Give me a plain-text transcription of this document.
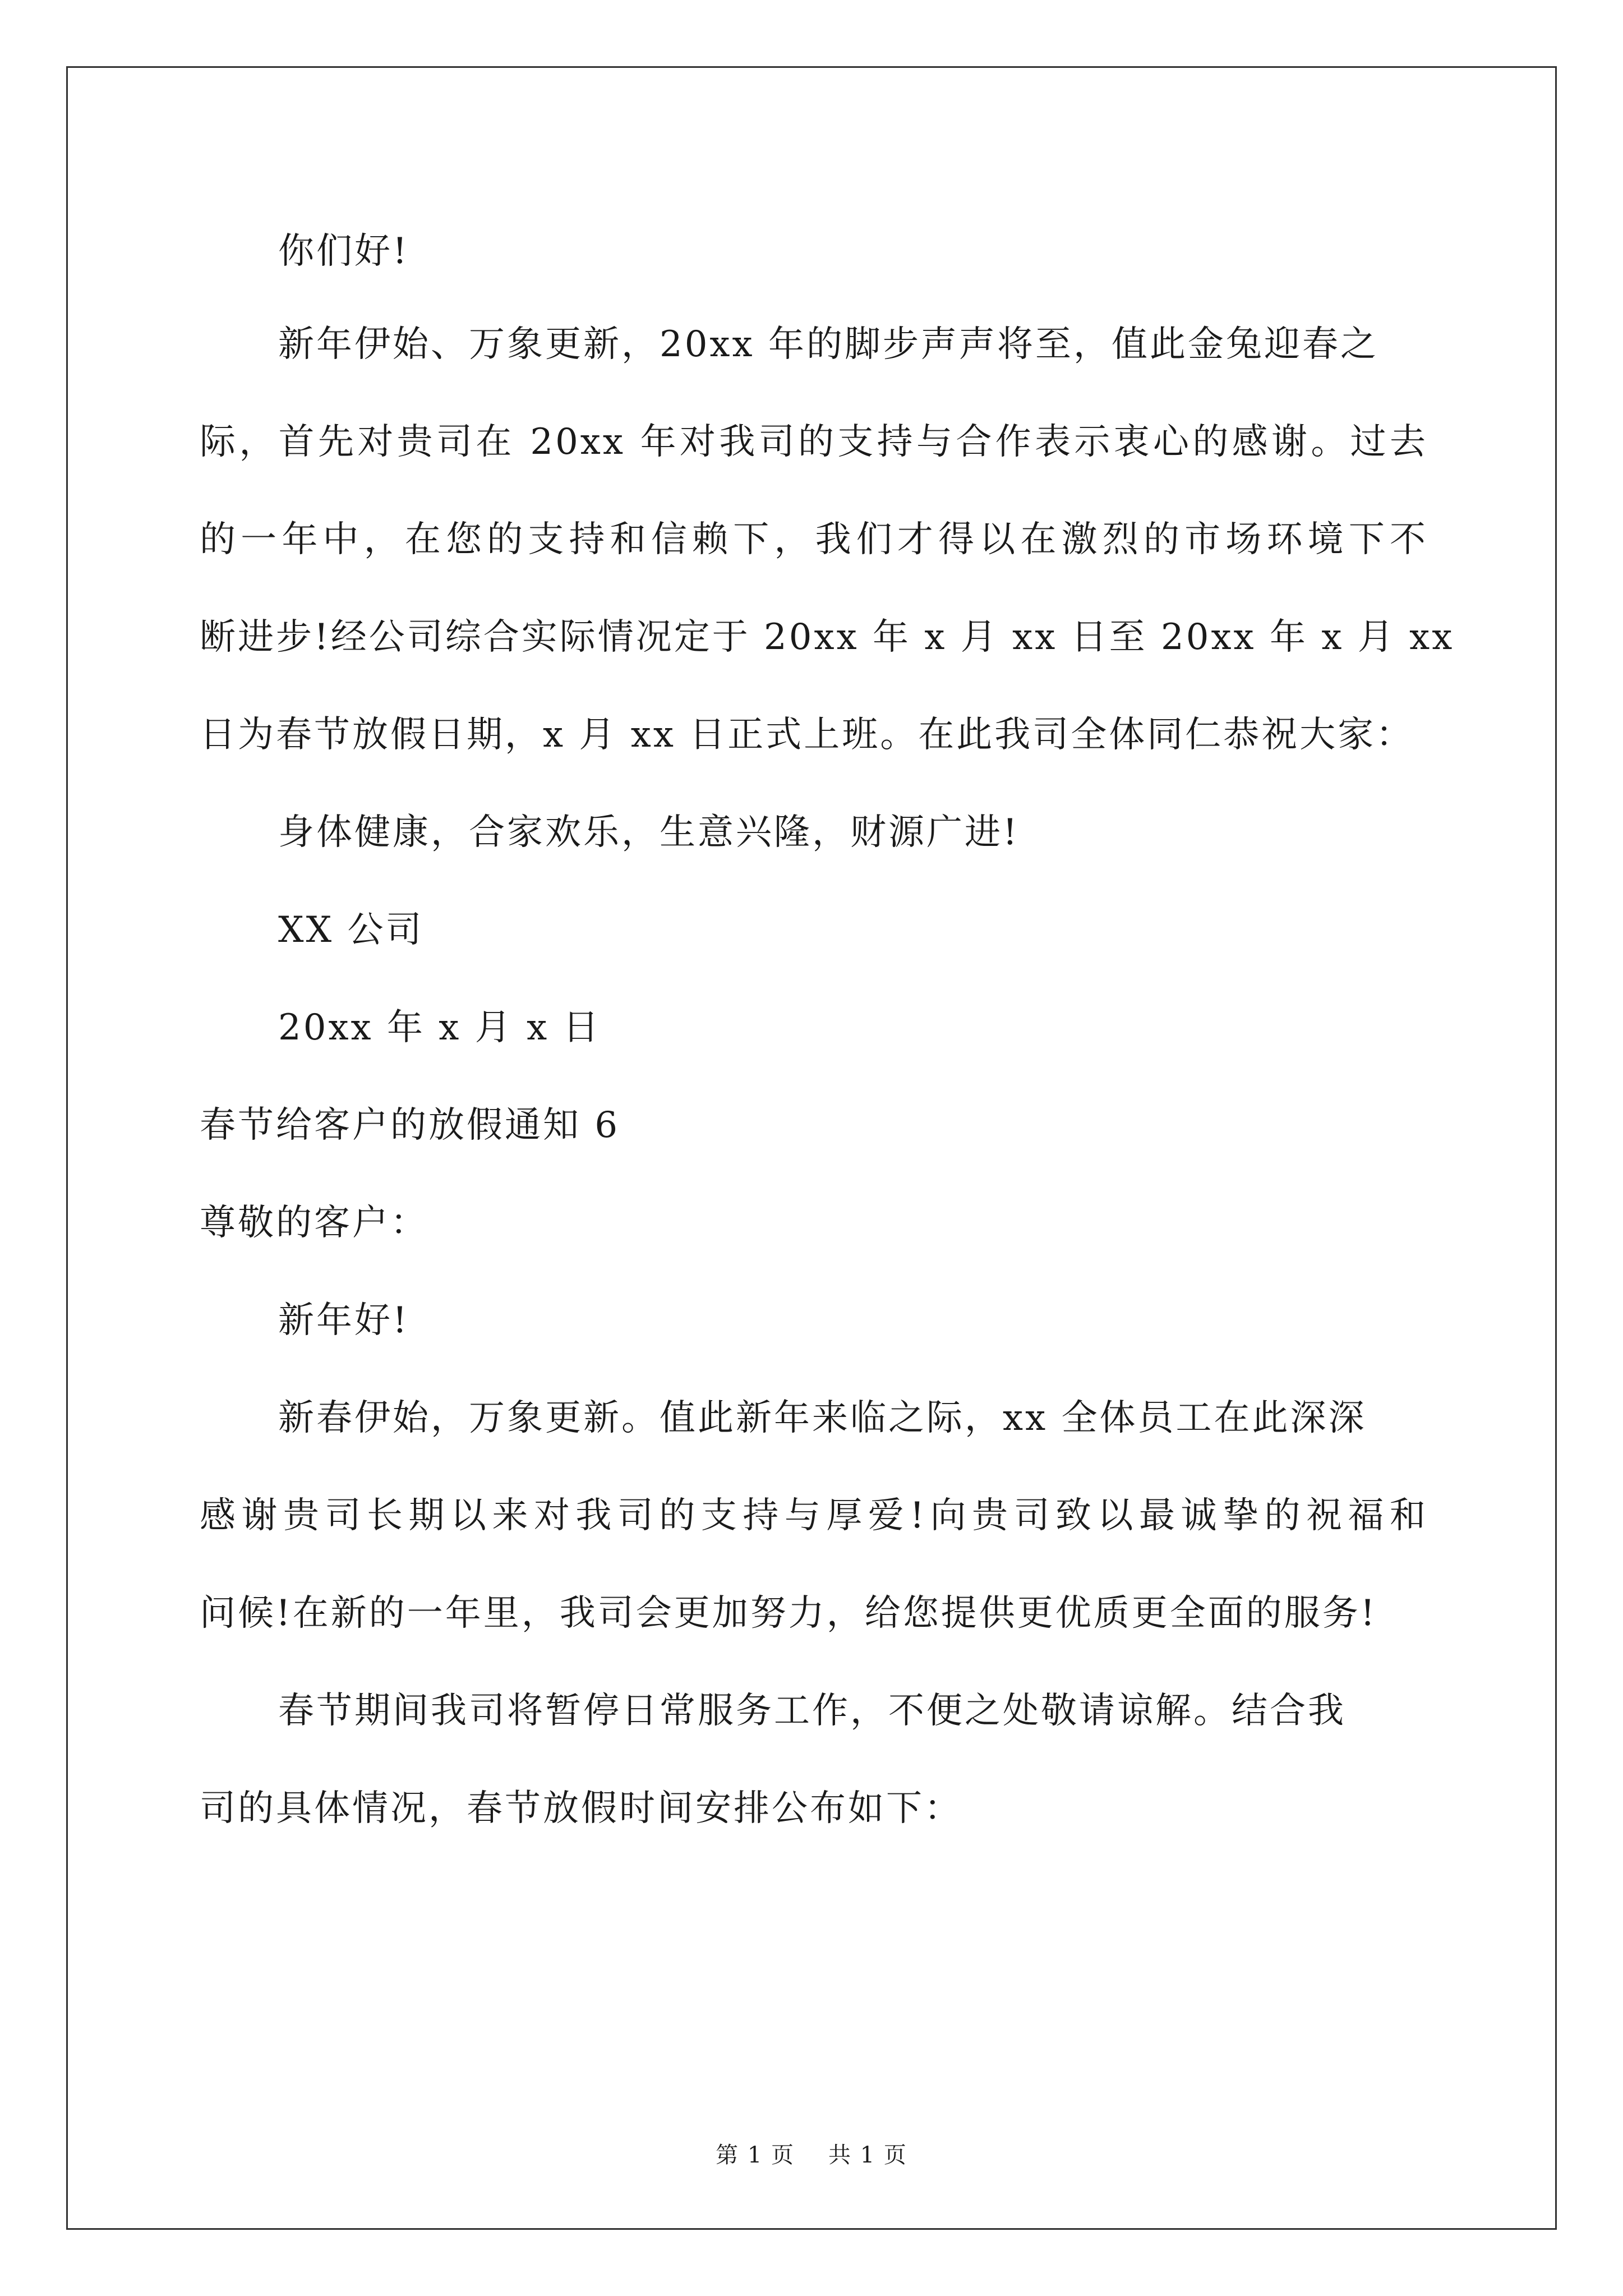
你们好!
新年伊始、万象更新，20xx 年的脚步声声将至，值此金兔迎春之
际，首先对贵司在 20xx 年对我司的支持与合作表示衷心的感谢。过去
的一年中，在您的支持和信赖下，我们才得以在激烈的市场环境下不
断进步!经公司综合实际情况定于 20xx 年 x 月 xx 日至 20xx 年 x 月 xx
日为春节放假日期，x 月 xx 日正式上班。在此我司全体同仁恭祝大家：
身体健康，合家欢乐，生意兴隆，财源广进!
XX 公司
20xx 年 x 月 x 日
春节给客户的放假通知 6
尊敬的客户：
新年好!
新春伊始，万象更新。值此新年来临之际，xx 全体员工在此深深
感谢贵司长期以来对我司的支持与厚爱!向贵司致以最诚挚的祝福和
问候!在新的一年里，我司会更加努力，给您提供更优质更全面的服务!
春节期间我司将暂停日常服务工作，不便之处敬请谅解。结合我
司的具体情况，春节放假时间安排公布如下：
第 1 页 共 1 页
